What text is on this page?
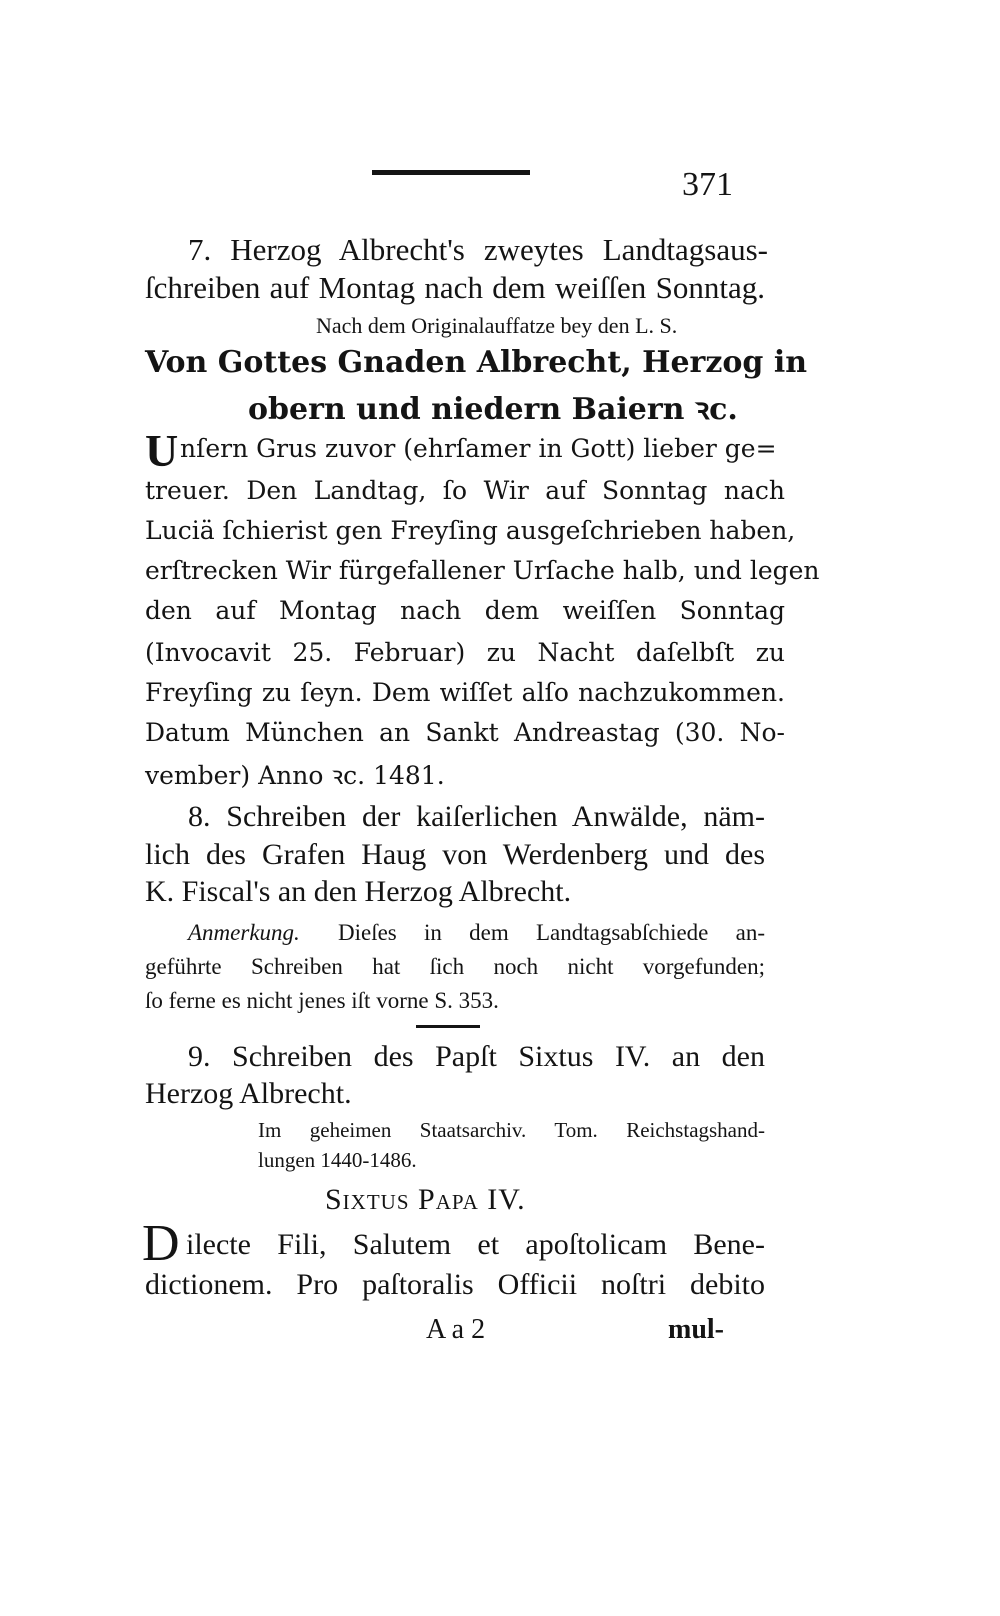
371
7. Herzog Albrecht's zweytes Landtagsaus-
ſchreiben auf Montag nach dem weiſſen Sonntag.
Nach dem Originalauffatze bey den L. S.
Von Gottes Gnaden Albrecht, Herzog in
obern und niedern Baiern ꝛc.
U nſern Grus zuvor (ehrſamer in Gott) lieber ge=
treuer. Den Landtag, ſo Wir auf Sonntag nach
Luciä ſchierist gen Freyſing ausgeſchrieben haben,
erſtrecken Wir fürgefallener Urſache halb, und legen
den auf Montag nach dem weiſſen Sonntag
(Invocavit 25. Februar) zu Nacht daſelbſt zu
Freyſing zu ſeyn. Dem wiſſet alſo nachzukommen.
Datum München an Sankt Andreastag (30. No-
vember) Anno ꝛc. 1481.
8. Schreiben der kaiſerlichen Anwälde, näm-
lich des Grafen Haug von Werdenberg und des
K. Fiscal's an den Herzog Albrecht.
Anmerkung. Dieſes in dem Landtagsabſchiede an-
geführte Schreiben hat ſich noch nicht vorgefunden;
ſo ferne es nicht jenes iſt vorne S. 353.
9. Schreiben des Papſt Sixtus IV. an den
Herzog Albrecht.
Im geheimen Staatsarchiv. Tom. Reichstagshand-
lungen 1440-1486.
Sixtus Papa IV.
D ilecte Fili, Salutem et apoſtolicam Bene-
dictionem. Pro paſtoralis Officii noſtri debito
A a 2	mul-
